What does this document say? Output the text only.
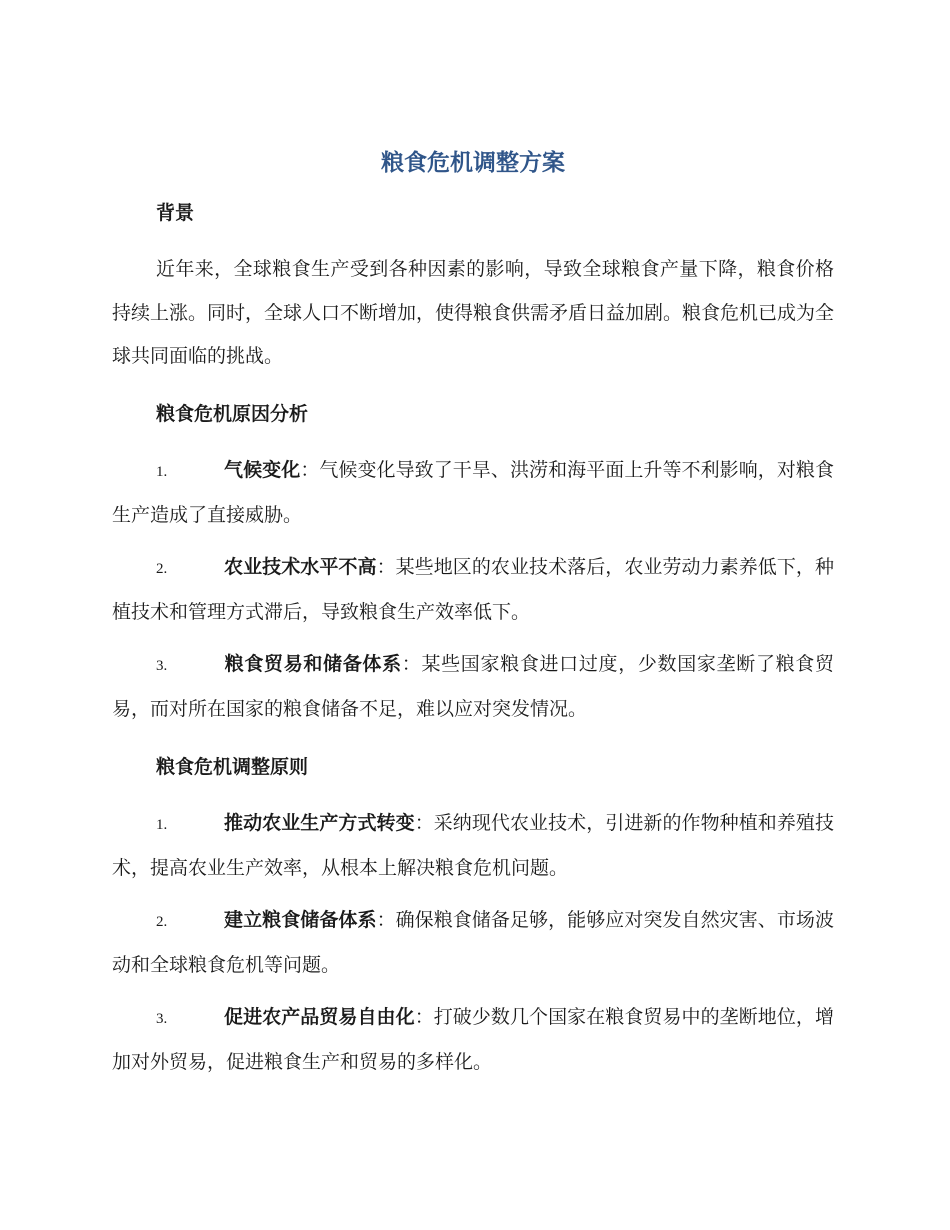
粮食危机调整方案
背景

近年来，全球粮食生产受到各种因素的影响，导致全球粮食产量下降，粮食价格持续上涨。同时，全球人口不断增加，使得粮食供需矛盾日益加剧。粮食危机已成为全球共同面临的挑战。

粮食危机原因分析

1.	气候变化：气候变化导致了干旱、洪涝和海平面上升等不利影响，对粮食生产造成了直接威胁。

2.	农业技术水平不高：某些地区的农业技术落后，农业劳动力素养低下，种植技术和管理方式滞后，导致粮食生产效率低下。

3.	粮食贸易和储备体系：某些国家粮食进口过度，少数国家垄断了粮食贸易，而对所在国家的粮食储备不足，难以应对突发情况。

粮食危机调整原则

1.	推动农业生产方式转变：采纳现代农业技术，引进新的作物种植和养殖技术，提高农业生产效率，从根本上解决粮食危机问题。

2.	建立粮食储备体系：确保粮食储备足够，能够应对突发自然灾害、市场波动和全球粮食危机等问题。

3.	促进农产品贸易自由化：打破少数几个国家在粮食贸易中的垄断地位，增加对外贸易，促进粮食生产和贸易的多样化。
